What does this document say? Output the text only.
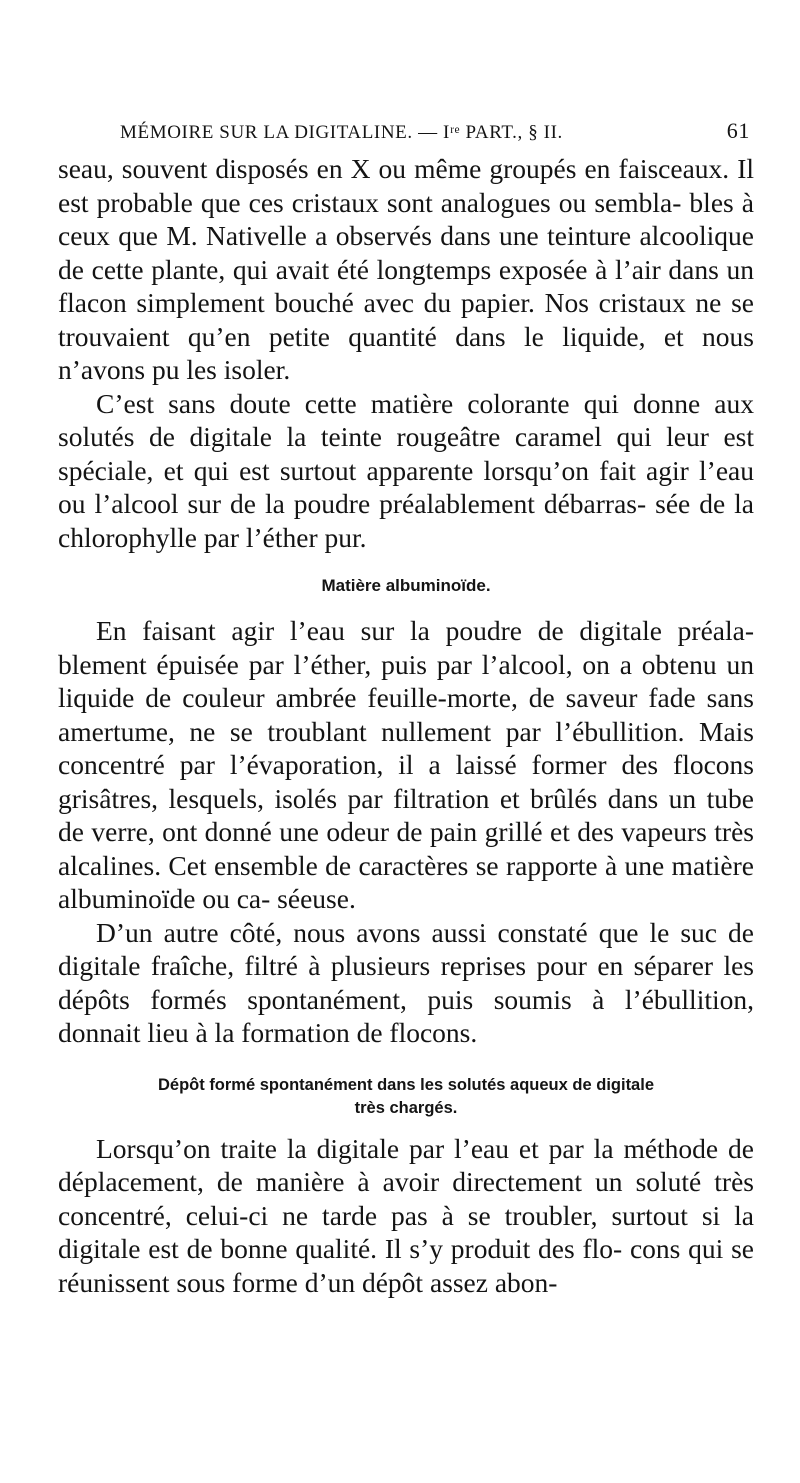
MÉMOIRE SUR LA DIGITALINE. — Iʳᵉ PART., § II.	61

seau, souvent disposés en X ou même groupés en faisceaux. Il est probable que ces cristaux sont analogues ou sembla- bles à ceux que M. Nativelle a observés dans une teinture alcoolique de cette plante, qui avait été longtemps exposée à l’air dans un flacon simplement bouché avec du papier. Nos cristaux ne se trouvaient qu’en petite quantité dans le liquide, et nous n’avons pu les isoler.

C’est sans doute cette matière colorante qui donne aux solutés de digitale la teinte rougeâtre caramel qui leur est spéciale, et qui est surtout apparente lorsqu’on fait agir l’eau ou l’alcool sur de la poudre préalablement débarras- sée de la chlorophylle par l’éther pur.

Matière albuminoïde.

En faisant agir l’eau sur la poudre de digitale préala- blement épuisée par l’éther, puis par l’alcool, on a obtenu un liquide de couleur ambrée feuille-morte, de saveur fade sans amertume, ne se troublant nullement par l’ébullition. Mais concentré par l’évaporation, il a laissé former des flocons grisâtres, lesquels, isolés par filtration et brûlés dans un tube de verre, ont donné une odeur de pain grillé et des vapeurs très alcalines. Cet ensemble de caractères se rapporte à une matière albuminoïde ou ca- séeuse.

D’un autre côté, nous avons aussi constaté que le suc de digitale fraîche, filtré à plusieurs reprises pour en séparer les dépôts formés spontanément, puis soumis à l’ébullition, donnait lieu à la formation de flocons.

Dépôt formé spontanément dans les solutés aqueux de digitale
très chargés.

Lorsqu’on traite la digitale par l’eau et par la méthode de déplacement, de manière à avoir directement un soluté très concentré, celui-ci ne tarde pas à se troubler, surtout si la digitale est de bonne qualité. Il s’y produit des flo- cons qui se réunissent sous forme d’un dépôt assez abon-
